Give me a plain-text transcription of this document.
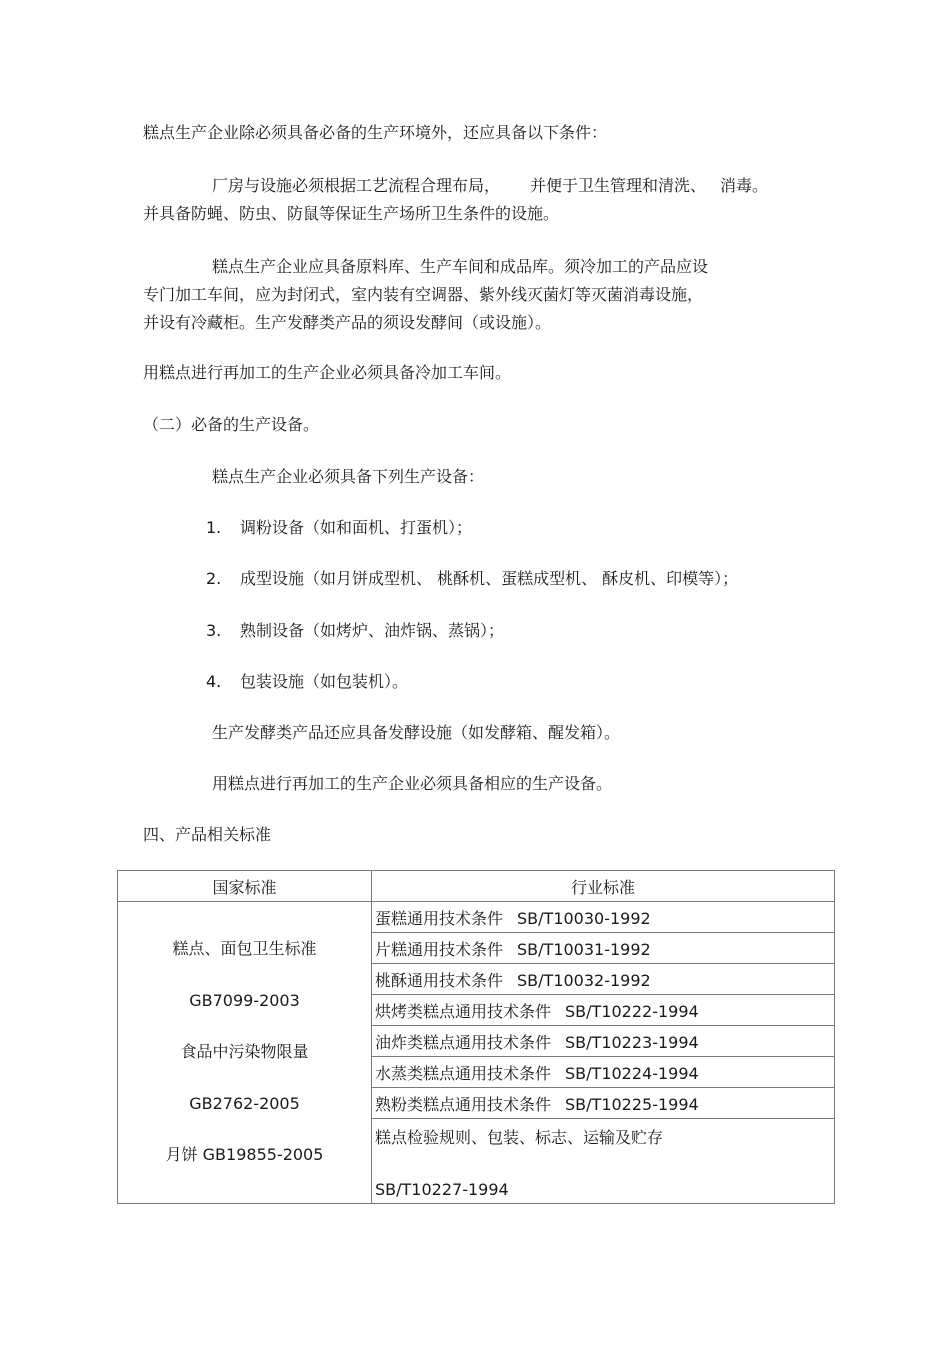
糕点生产企业除必须具备必备的生产环境外，还应具备以下条件：
厂房与设施必须根据工艺流程合理布局， 并便于卫生管理和清洗、 消毒。
并具备防蝇、防虫、防鼠等保证生产场所卫生条件的设施。
糕点生产企业应具备原料库、生产车间和成品库。须冷加工的产品应设
专门加工车间，应为封闭式，室内装有空调器、紫外线灭菌灯等灭菌消毒设施，
并设有冷藏柜。生产发酵类产品的须设发酵间（或设施）。
用糕点进行再加工的生产企业必须具备冷加工车间。
（二）必备的生产设备。
糕点生产企业必须具备下列生产设备：
1. 调粉设备（如和面机、打蛋机）；
2. 成型设施（如月饼成型机、 桃酥机、蛋糕成型机、 酥皮机、印模等）；
3. 熟制设备（如烤炉、油炸锅、蒸锅）；
4. 包装设施（如包装机）。
生产发酵类产品还应具备发酵设施（如发酵箱、醒发箱）。
用糕点进行再加工的生产企业必须具备相应的生产设备。
四、产品相关标准
国家标准	行业标准

糕点、面包卫生标准
GB7099-2003
食品中污染物限量
GB2762-2005
月饼 GB19855-2005	蛋糕通用技术条件 SB/T10030-1992
	片糕通用技术条件 SB/T10031-1992
	桃酥通用技术条件 SB/T10032-1992
	烘烤类糕点通用技术条件 SB/T10222-1994
	油炸类糕点通用技术条件 SB/T10223-1994
	水蒸类糕点通用技术条件 SB/T10224-1994
	熟粉类糕点通用技术条件 SB/T10225-1994

	糕点检验规则、包装、标志、运输及贮存
SB/T10227-1994
